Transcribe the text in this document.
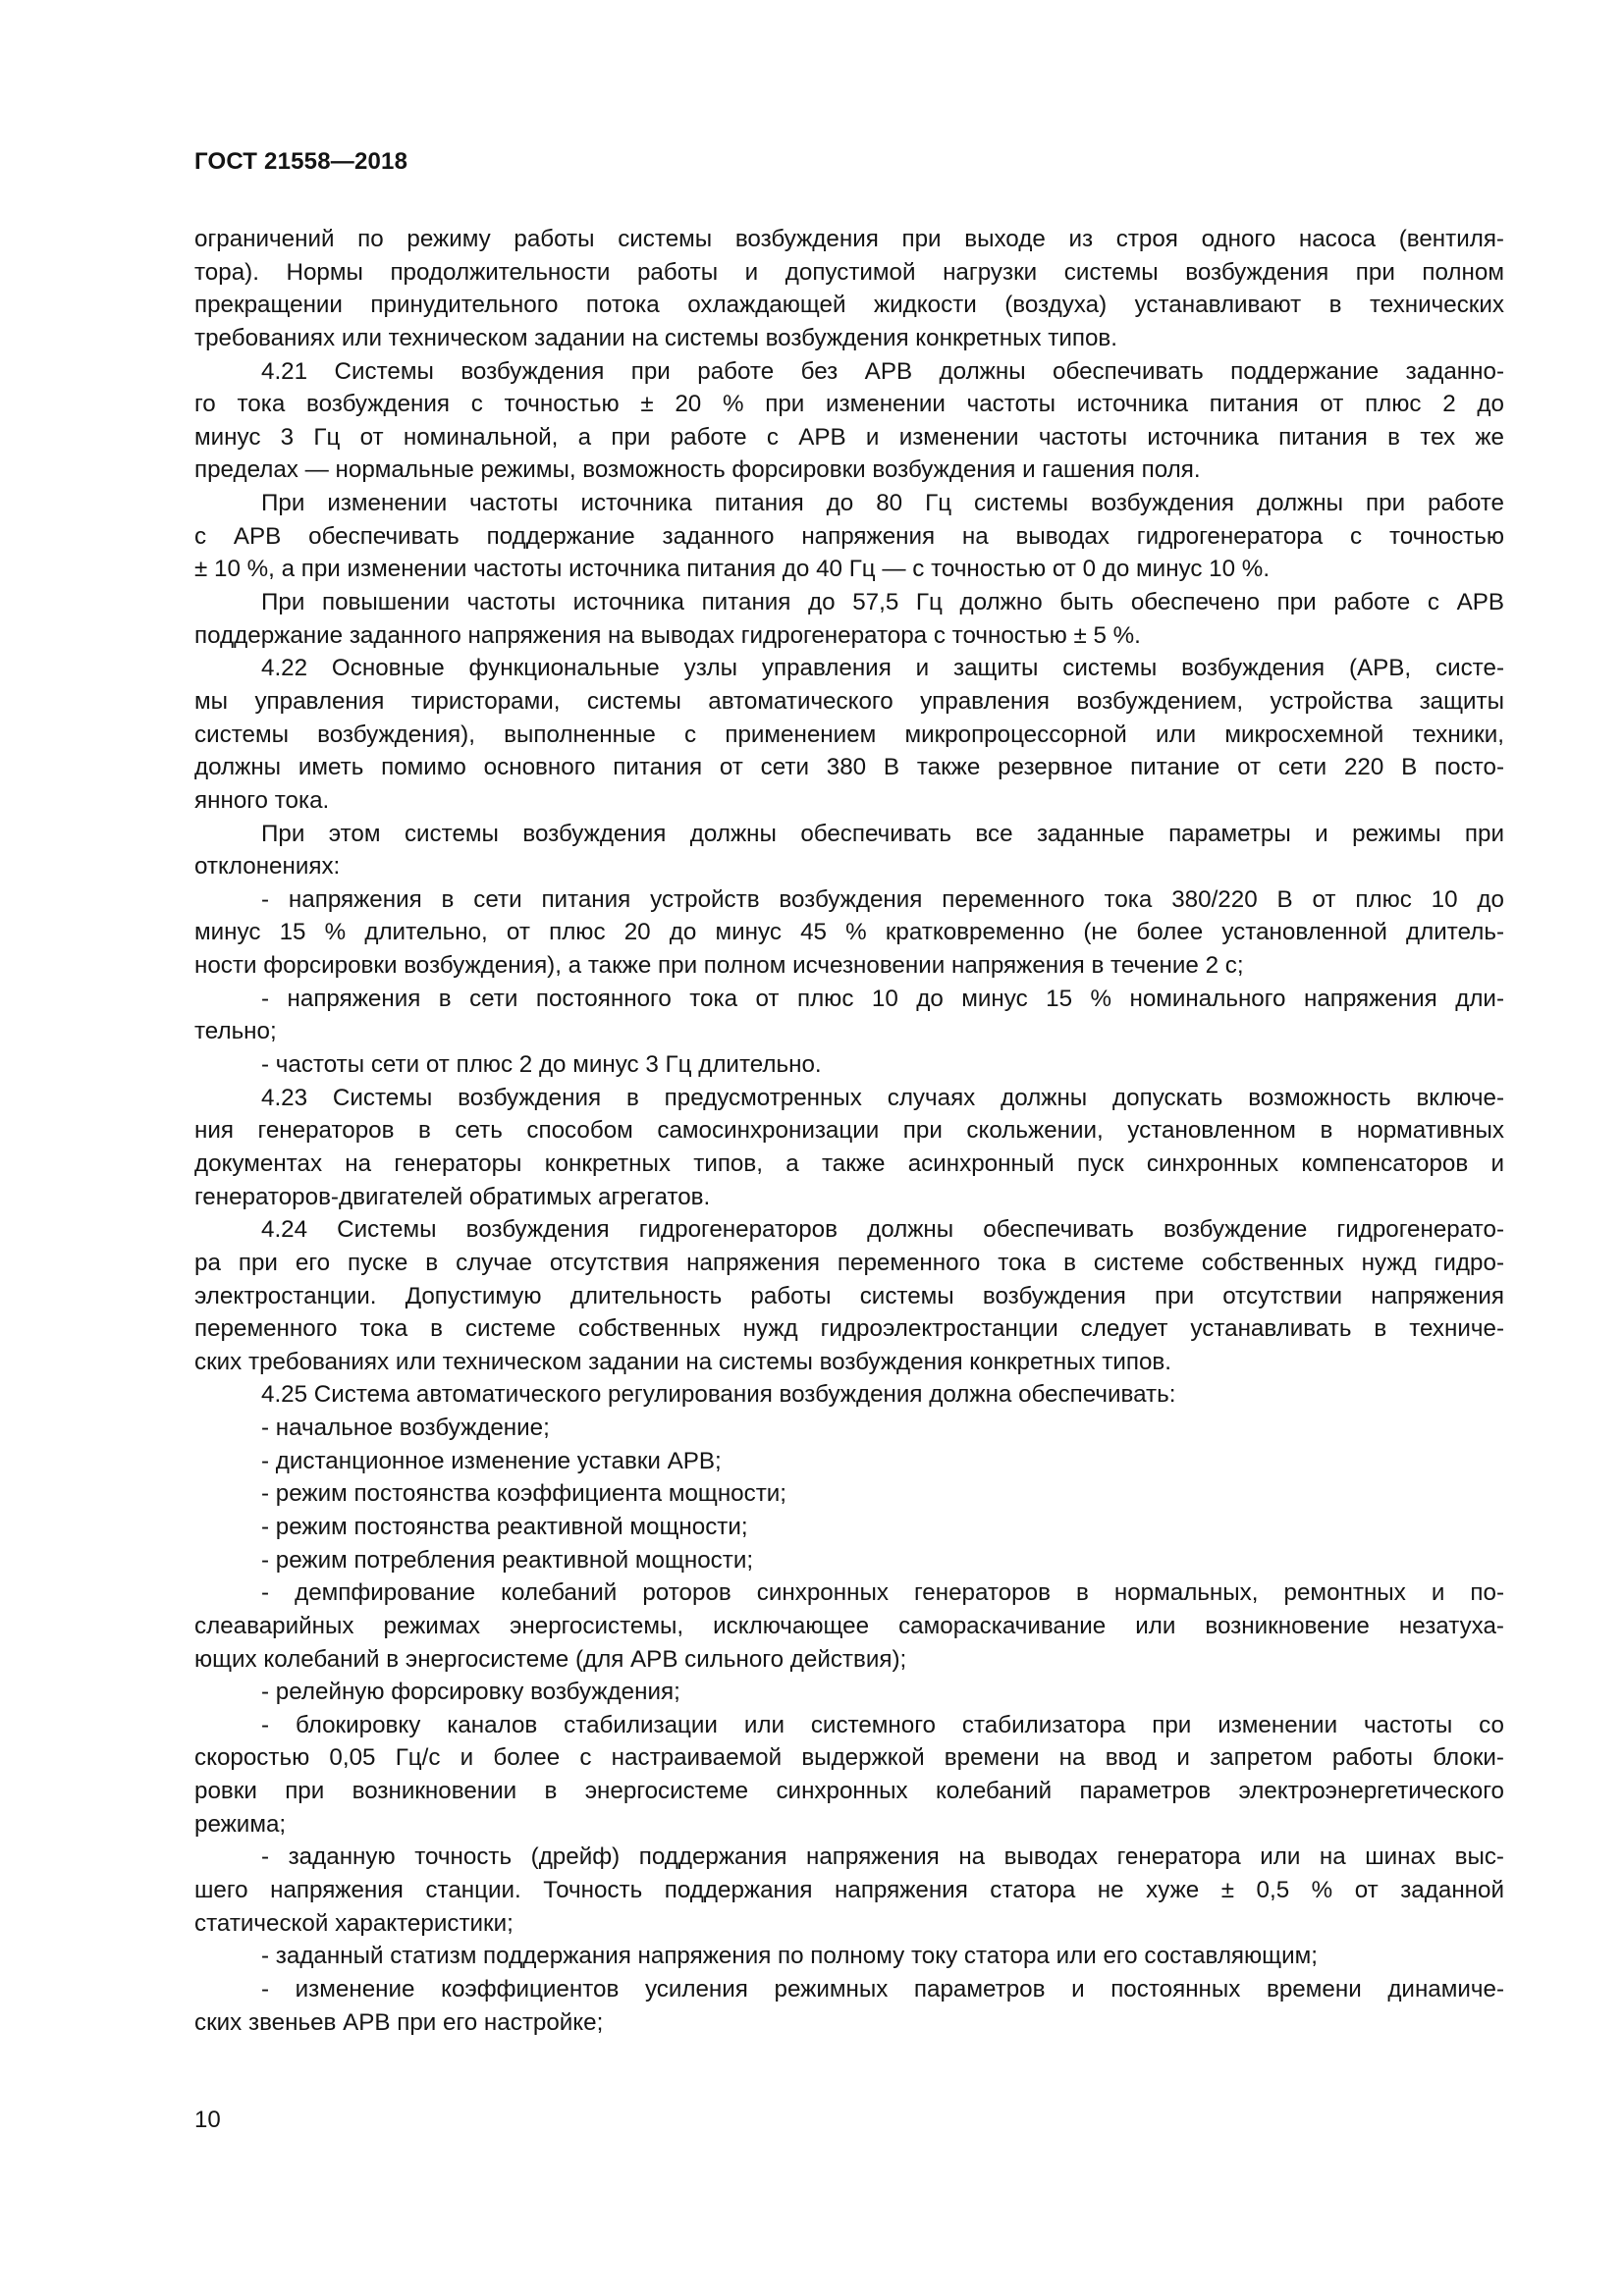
ГОСТ 21558—2018
ограничений по режиму работы системы возбуждения при выходе из строя одного насоса (вентиля-
тора). Нормы продолжительности работы и допустимой нагрузки системы возбуждения при полном
прекращении принудительного потока охлаждающей жидкости (воздуха) устанавливают в технических
требованиях или техническом задании на системы возбуждения конкретных типов.
4.21 Системы возбуждения при работе без АРВ должны обеспечивать поддержание заданно-
го тока возбуждения с точностью ± 20 % при изменении частоты источника питания от плюс 2 до
минус 3 Гц от номинальной, а при работе с АРВ и изменении частоты источника питания в тех же
пределах — нормальные режимы, возможность форсировки возбуждения и гашения поля.
При изменении частоты источника питания до 80 Гц системы возбуждения должны при работе
с АРВ обеспечивать поддержание заданного напряжения на выводах гидрогенератора с точностью
± 10 %, а при изменении частоты источника питания до 40 Гц — с точностью от 0 до минус 10 %.
При повышении частоты источника питания до 57,5 Гц должно быть обеспечено при работе с АРВ
поддержание заданного напряжения на выводах гидрогенератора с точностью ± 5 %.
4.22 Основные функциональные узлы управления и защиты системы возбуждения (АРВ, систе-
мы управления тиристорами, системы автоматического управления возбуждением, устройства защиты
системы возбуждения), выполненные с применением микропроцессорной или микросхемной техники,
должны иметь помимо основного питания от сети 380 В также резервное питание от сети 220 В посто-
янного тока.
При этом системы возбуждения должны обеспечивать все заданные параметры и режимы при
отклонениях:
- напряжения в сети питания устройств возбуждения переменного тока 380/220 В от плюс 10 до
минус 15 % длительно, от плюс 20 до минус 45 % кратковременно (не более установленной длитель-
ности форсировки возбуждения), а также при полном исчезновении напряжения в течение 2 с;
- напряжения в сети постоянного тока от плюс 10 до минус 15 % номинального напряжения дли-
тельно;
- частоты сети от плюс 2 до минус 3 Гц длительно.
4.23 Системы возбуждения в предусмотренных случаях должны допускать возможность включе-
ния генераторов в сеть способом самосинхронизации при скольжении, установленном в нормативных
документах на генераторы конкретных типов, а также асинхронный пуск синхронных компенсаторов и
генераторов-двигателей обратимых агрегатов.
4.24 Системы возбуждения гидрогенераторов должны обеспечивать возбуждение гидрогенерато-
ра при его пуске в случае отсутствия напряжения переменного тока в системе собственных нужд гидро-
электростанции. Допустимую длительность работы системы возбуждения при отсутствии напряжения
переменного тока в системе собственных нужд гидроэлектростанции следует устанавливать в техниче-
ских требованиях или техническом задании на системы возбуждения конкретных типов.
4.25 Система автоматического регулирования возбуждения должна обеспечивать:
- начальное возбуждение;
- дистанционное изменение уставки АРВ;
- режим постоянства коэффициента мощности;
- режим постоянства реактивной мощности;
- режим потребления реактивной мощности;
- демпфирование колебаний роторов синхронных генераторов в нормальных, ремонтных и по-
слеаварийных режимах энергосистемы, исключающее самораскачивание или возникновение незатуха-
ющих колебаний в энергосистеме (для АРВ сильного действия);
- релейную форсировку возбуждения;
- блокировку каналов стабилизации или системного стабилизатора при изменении частоты со
скоростью 0,05 Гц/с и более с настраиваемой выдержкой времени на ввод и запретом работы блоки-
ровки при возникновении в энергосистеме синхронных колебаний параметров электроэнергетического
режима;
- заданную точность (дрейф) поддержания напряжения на выводах генератора или на шинах выс-
шего напряжения станции. Точность поддержания напряжения статора не хуже ± 0,5 % от заданной
статической характеристики;
- заданный статизм поддержания напряжения по полному току статора или его составляющим;
- изменение коэффициентов усиления режимных параметров и постоянных времени динамиче-
ских звеньев АРВ при его настройке;
10
